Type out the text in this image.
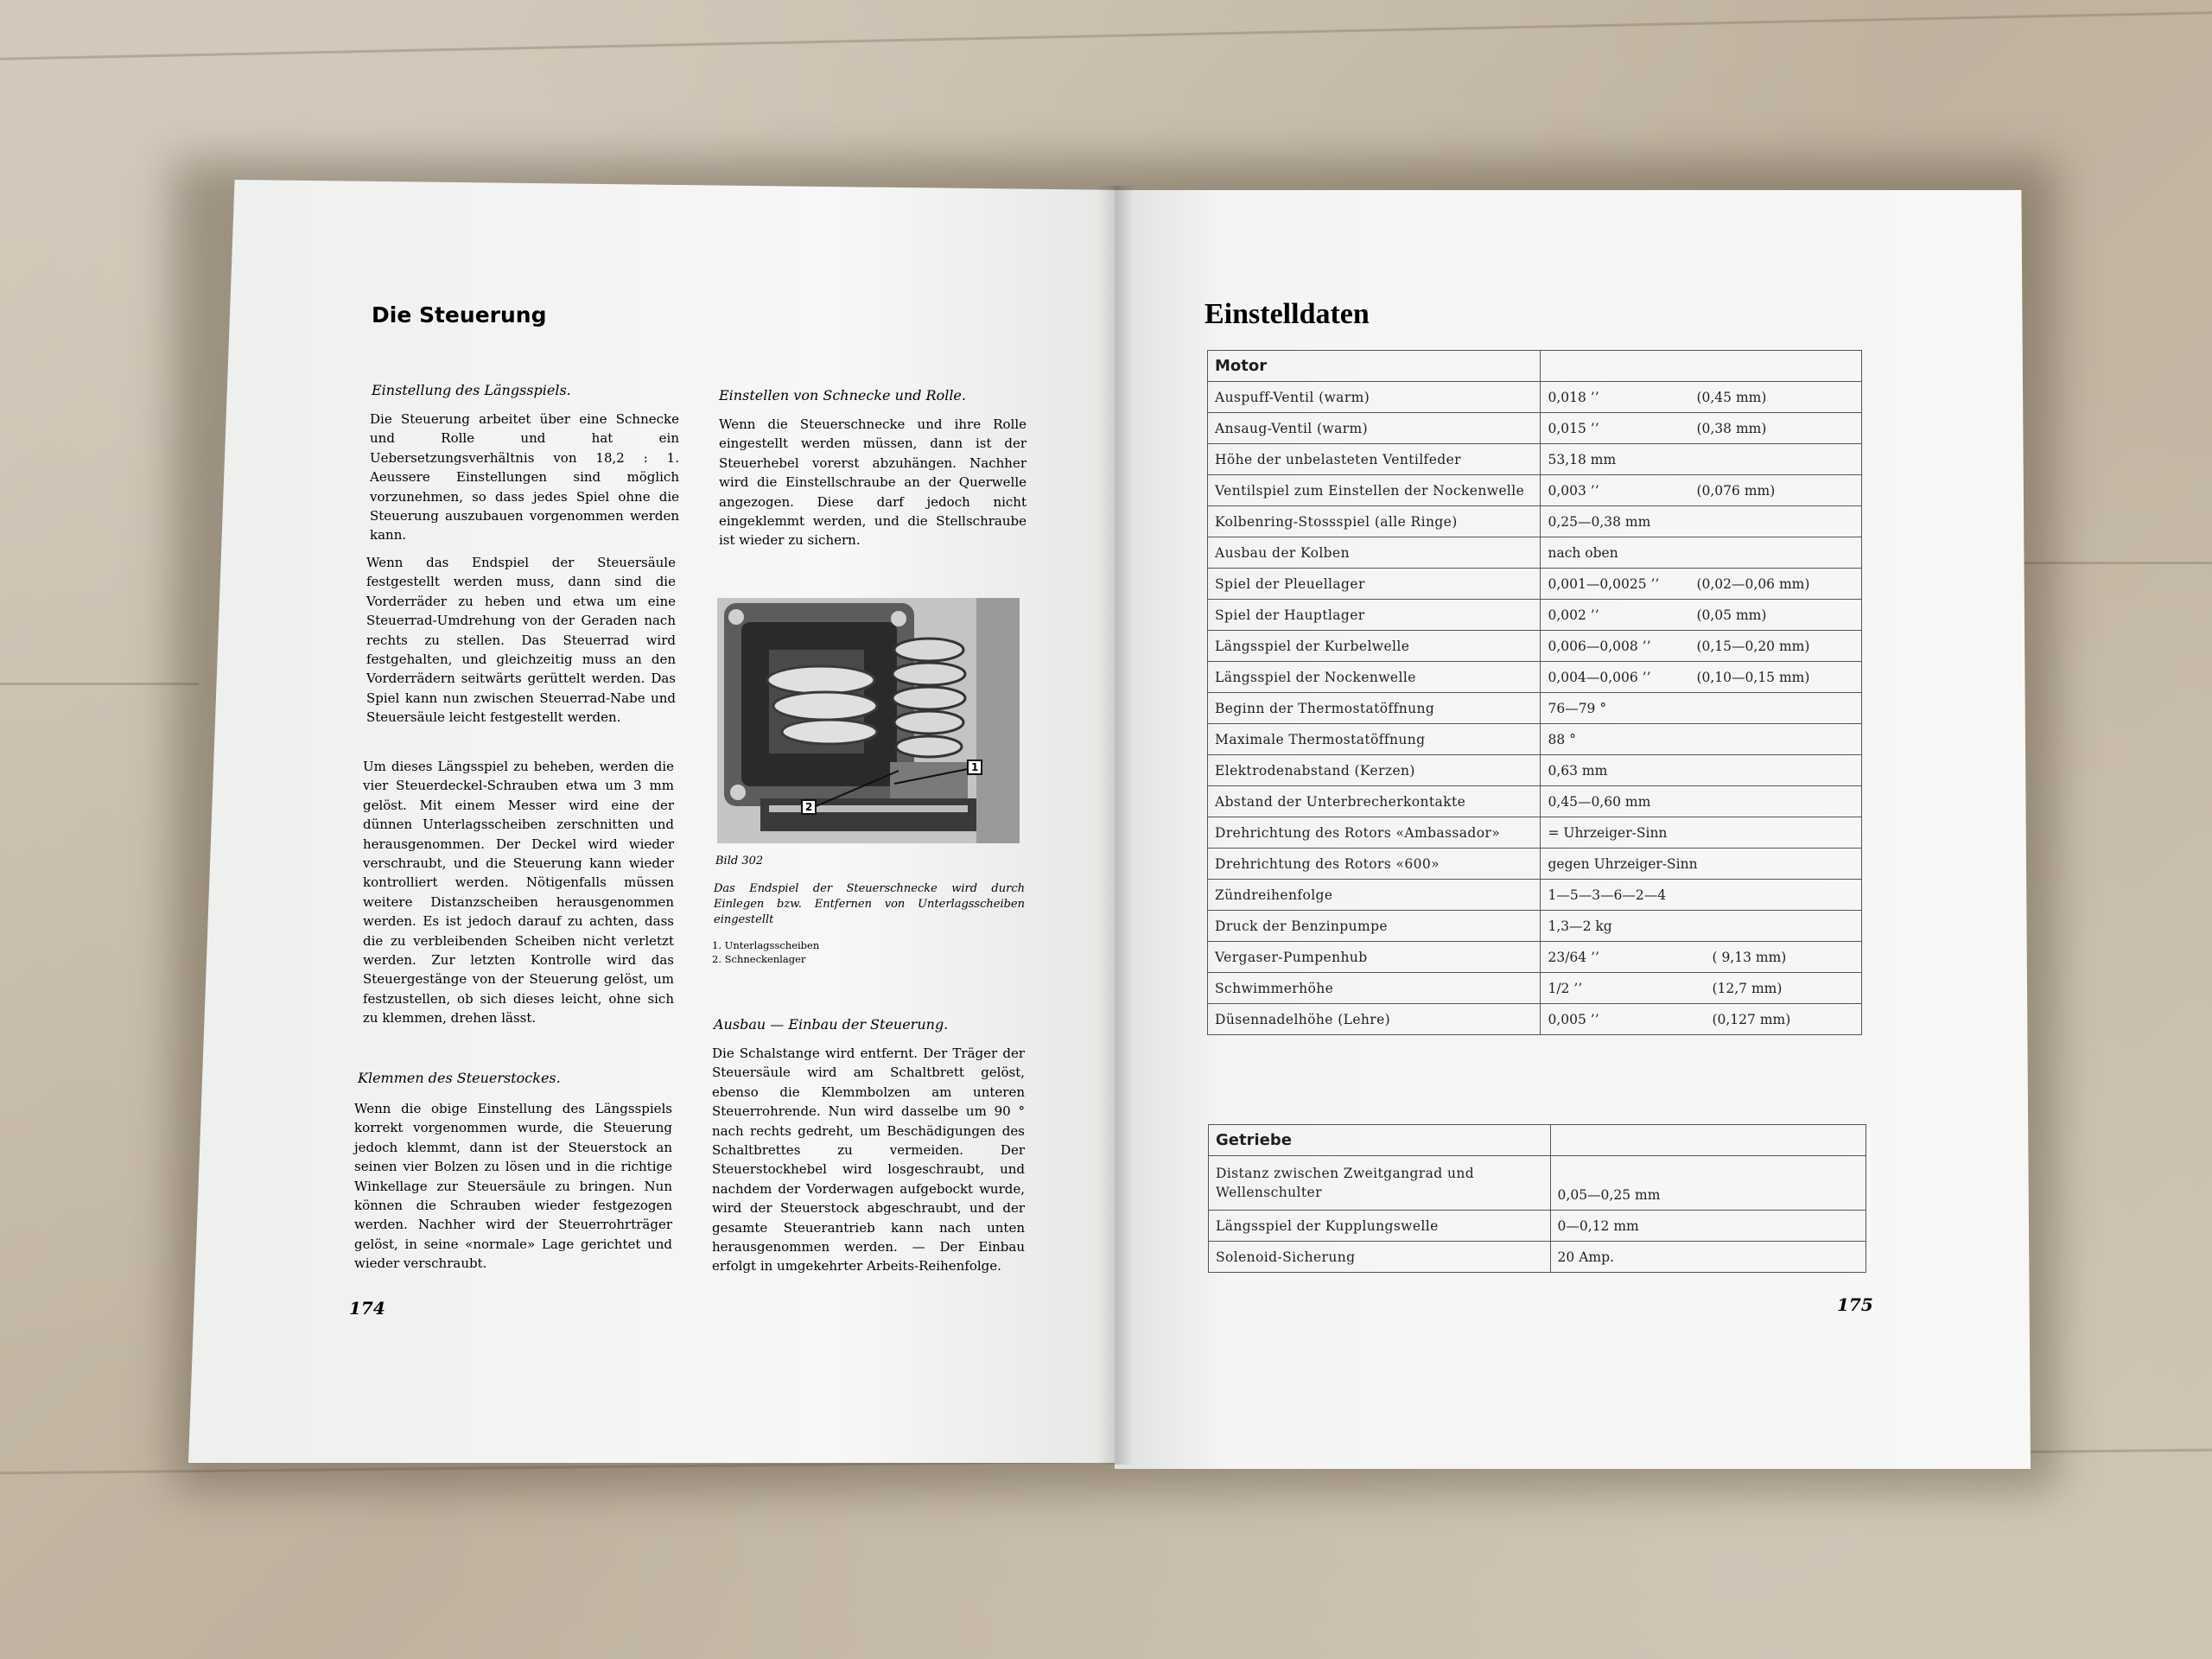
Die Steuerung
Einstellung des Längsspiels.
Die Steuerung arbeitet über eine Schnecke und Rolle und hat ein Uebersetzungsverhältnis von 18,2 : 1. Aeussere Einstellungen sind möglich vorzunehmen, so dass jedes Spiel ohne die Steuerung auszubauen vorgenommen werden kann.
Wenn das Endspiel der Steuersäule festgestellt werden muss, dann sind die Vorderräder zu heben und etwa um eine Steuerrad-Umdrehung von der Geraden nach rechts zu stellen. Das Steuerrad wird festgehalten, und gleichzeitig muss an den Vorderrädern seitwärts gerüttelt werden. Das Spiel kann nun zwischen Steuerrad-Nabe und Steuersäule leicht festgestellt werden.
Um dieses Längsspiel zu beheben, werden die vier Steuerdeckel-Schrauben etwa um 3 mm gelöst. Mit einem Messer wird eine der dünnen Unterlagsscheiben zerschnitten und herausgenommen. Der Deckel wird wieder verschraubt, und die Steuerung kann wieder kontrolliert werden. Nötigenfalls müssen weitere Distanzscheiben herausgenommen werden. Es ist jedoch darauf zu achten, dass die zu verbleibenden Scheiben nicht verletzt werden. Zur letzten Kontrolle wird das Steuergestänge von der Steuerung gelöst, um festzustellen, ob sich dieses leicht, ohne sich zu klemmen, drehen lässt.
Klemmen des Steuerstockes.
Wenn die obige Einstellung des Längsspiels korrekt vorgenommen wurde, die Steuerung jedoch klemmt, dann ist der Steuerstock an seinen vier Bolzen zu lösen und in die richtige Winkellage zur Steuersäule zu bringen. Nun können die Schrauben wieder festgezogen werden. Nachher wird der Steuerrohrträger gelöst, in seine «normale» Lage gerichtet und wieder verschraubt.
Einstellen von Schnecke und Rolle.
Wenn die Steuerschnecke und ihre Rolle eingestellt werden müssen, dann ist der Steuerhebel vorerst abzuhängen. Nachher wird die Einstellschraube an der Querwelle angezogen. Diese darf jedoch nicht eingeklemmt werden, und die Stellschraube ist wieder zu sichern.
2
1
Bild 302
Das Endspiel der Steuerschnecke wird durch Einlegen bzw. Entfernen von Unterlagsscheiben eingestellt
1. Unterlagsscheiben
2. Schneckenlager
Ausbau — Einbau der Steuerung.
Die Schalstange wird entfernt. Der Träger der Steuersäule wird am Schaltbrett gelöst, ebenso die Klemmbolzen am unteren Steuerrohrende. Nun wird dasselbe um 90 ° nach rechts gedreht, um Beschädigungen des Schaltbrettes zu vermeiden. Der Steuerstockhebel wird losgeschraubt, und nachdem der Vorderwagen aufgebockt wurde, wird der Steuerstock abgeschraubt, und der gesamte Steuerantrieb kann nach unten herausgenommen werden. — Der Einbau erfolgt in umgekehrter Arbeits-Reihenfolge.
174
Einstelldaten
Motor	
Auspuff-Ventil (warm)	0,018 ’’ (0,45 mm)
Ansaug-Ventil (warm)	0,015 ’’ (0,38 mm)
Höhe der unbelasteten Ventilfeder	53,18 mm
Ventilspiel zum Einstellen der Nockenwelle	0,003 ’’ (0,076 mm)
Kolbenring-Stossspiel (alle Ringe)	0,25—0,38 mm
Ausbau der Kolben	nach oben
Spiel der Pleuellager	0,001—0,0025 ’’ (0,02—0,06 mm)
Spiel der Hauptlager	0,002 ’’ (0,05 mm)
Längsspiel der Kurbelwelle	0,006—0,008 ’’ (0,15—0,20 mm)
Längsspiel der Nockenwelle	0,004—0,006 ’’ (0,10—0,15 mm)
Beginn der Thermostatöffnung	76—79 °
Maximale Thermostatöffnung	88 °
Elektrodenabstand (Kerzen)	0,63 mm
Abstand der Unterbrecherkontakte	0,45—0,60 mm
Drehrichtung des Rotors «Ambassador»	= Uhrzeiger-Sinn
Drehrichtung des Rotors «600»	gegen Uhrzeiger-Sinn
Zündreihenfolge	1—5—3—6—2—4
Druck der Benzinpumpe	1,3—2 kg
Vergaser-Pumpenhub	23/64 ’’ ( 9,13 mm)
Schwimmerhöhe	1/2 ’’ (12,7 mm)
Düsennadelhöhe (Lehre)	0,005 ’’ (0,127 mm)
Getriebe	
Distanz zwischen Zweitgangrad und Wellenschulter	0,05—0,25 mm
Längsspiel der Kupplungswelle	0—0,12 mm
Solenoid-Sicherung	20 Amp.
175
